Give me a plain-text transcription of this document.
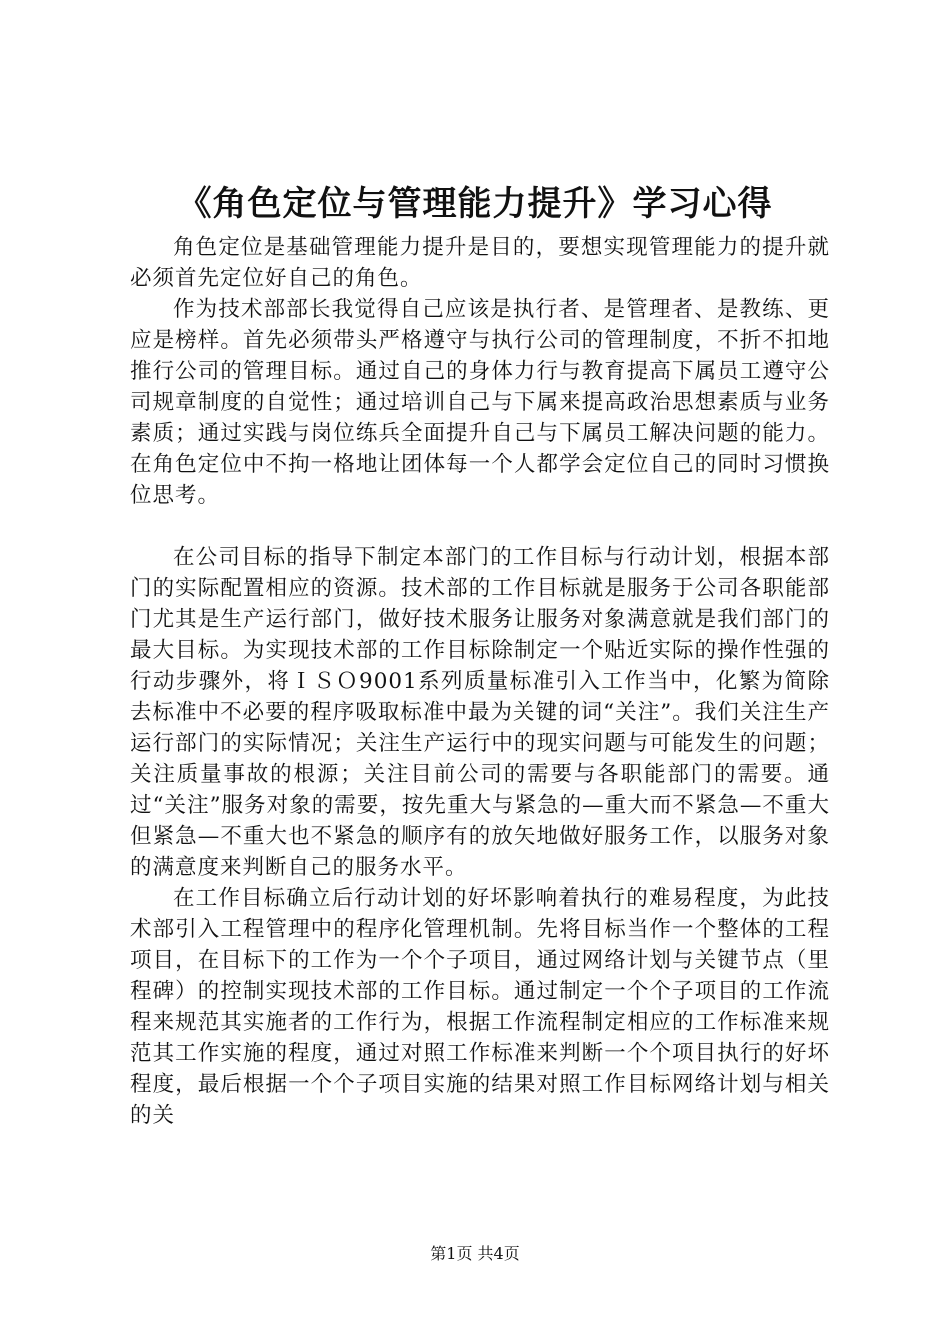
《角色定位与管理能力提升》学习心得

角色定位是基础管理能力提升是目的，要想实现管理能力的提升就必须首先定位好自己的角色。

作为技术部部长我觉得自己应该是执行者、是管理者、是教练、更应是榜样。首先必须带头严格遵守与执行公司的管理制度，不折不扣地推行公司的管理目标。通过自己的身体力行与教育提高下属员工遵守公司规章制度的自觉性；通过培训自己与下属来提高政治思想素质与业务素质；通过实践与岗位练兵全面提升自己与下属员工解决问题的能力。在角色定位中不拘一格地让团体每一个人都学会定位自己的同时习惯换位思考。

在公司目标的指导下制定本部门的工作目标与行动计划，根据本部门的实际配置相应的资源。技术部的工作目标就是服务于公司各职能部门尤其是生产运行部门，做好技术服务让服务对象满意就是我们部门的最大目标。为实现技术部的工作目标除制定一个贴近实际的操作性强的行动步骤外，将ＩＳＯ9001系列质量标准引入工作当中，化繁为简除去标准中不必要的程序吸取标准中最为关键的词“关注”。我们关注生产运行部门的实际情况；关注生产运行中的现实问题与可能发生的问题；关注质量事故的根源；关注目前公司的需要与各职能部门的需要。通过“关注”服务对象的需要，按先重大与紧急的—重大而不紧急—不重大但紧急—不重大也不紧急的顺序有的放矢地做好服务工作，以服务对象的满意度来判断自己的服务水平。

在工作目标确立后行动计划的好坏影响着执行的难易程度，为此技术部引入工程管理中的程序化管理机制。先将目标当作一个整体的工程项目，在目标下的工作为一个个子项目，通过网络计划与关键节点（里程碑）的控制实现技术部的工作目标。通过制定一个个子项目的工作流程来规范其实施者的工作行为，根据工作流程制定相应的工作标准来规范其工作实施的程度，通过对照工作标准来判断一个个项目执行的好坏程度，最后根据一个个子项目实施的结果对照工作目标网络计划与相关的关

第1页 共4页
